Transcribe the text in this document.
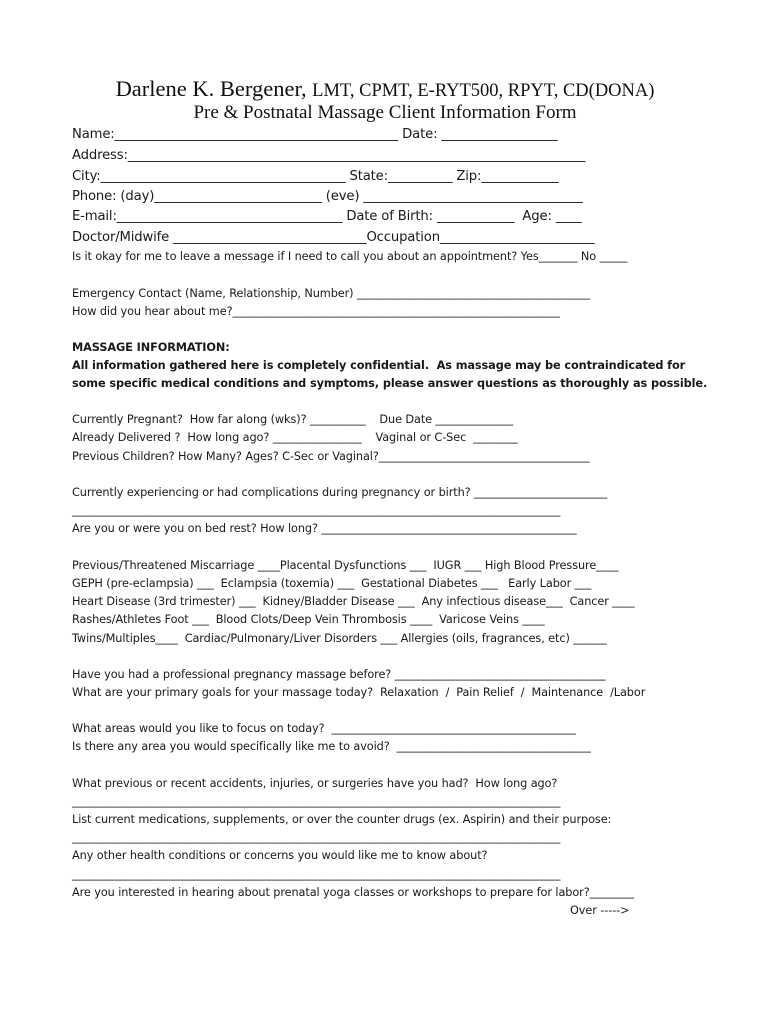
Darlene K. Bergener, LMT, CPMT, E-RYT500, RPYT, CD(DONA)
Pre & Postnatal Massage Client Information Form
Name:____________________________________________ Date: __________________
Address:_______________________________________________________________________
City:______________________________________ State:__________ Zip:____________
Phone: (day)__________________________ (eve) __________________________________
E-mail:___________________________________ Date of Birth: ____________  Age: ____
Doctor/Midwife ______________________________Occupation________________________
Is it okay for me to leave a message if I need to call you about an appointment? Yes_______ No _____
Emergency Contact (Name, Relationship, Number) __________________________________________
How did you hear about me?___________________________________________________________
MASSAGE INFORMATION:
All information gathered here is completely confidential.  As massage may be contraindicated for
some specific medical conditions and symptoms, please answer questions as thoroughly as possible.
Currently Pregnant?  How far along (wks)? __________    Due Date ______________
Already Delivered ?  How long ago? ________________    Vaginal or C-Sec  ________
Previous Children? How Many? Ages? C-Sec or Vaginal?______________________________________
Currently experiencing or had complications during pregnancy or birth? ________________________
________________________________________________________________________________________
Are you or were you on bed rest? How long? ______________________________________________
Previous/Threatened Miscarriage ____Placental Dysfunctions ___  IUGR ___ High Blood Pressure____
GEPH (pre-eclampsia) ___  Eclampsia (toxemia) ___  Gestational Diabetes ___   Early Labor ___
Heart Disease (3rd trimester) ___  Kidney/Bladder Disease ___  Any infectious disease___  Cancer ____
Rashes/Athletes Foot ___  Blood Clots/Deep Vein Thrombosis ____  Varicose Veins ____
Twins/Multiples____  Cardiac/Pulmonary/Liver Disorders ___ Allergies (oils, fragrances, etc) ______
Have you had a professional pregnancy massage before? ______________________________________
What are your primary goals for your massage today?  Relaxation  /  Pain Relief  /  Maintenance  /Labor
What areas would you like to focus on today?  ____________________________________________
Is there any area you would specifically like me to avoid?  ___________________________________
What previous or recent accidents, injuries, or surgeries have you had?  How long ago?
________________________________________________________________________________________
List current medications, supplements, or over the counter drugs (ex. Aspirin) and their purpose:
________________________________________________________________________________________
Any other health conditions or concerns you would like me to know about?
________________________________________________________________________________________
Are you interested in hearing about prenatal yoga classes or workshops to prepare for labor?________
Over ----->
